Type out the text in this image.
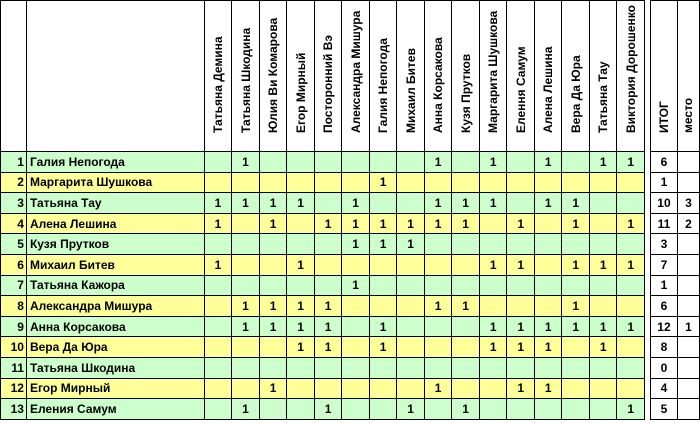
		Татьяна Демина	Татьяна Шкодина	Юлия Ви Комарова	Егор Мирный	Посторонний Вэ	Александра Мишура	Галия Непогода	Михаил Битев	Анна Корсакова	Кузя Прутков	Маргарита Шушкова	Елення Самум	Алена Лешина	Вера Да Юра	Татьяна Тау	Виктория Дорошенко		ИТОГ	место

1	Галия Непогода		1							1		1		1		1	1		6	
2	Маргарита Шушкова							1											1	
3	Татьяна Тау	1	1	1	1		1			1	1	1		1	1				10	3
4	Алена Лешина	1		1		1	1	1	1	1	1		1		1		1		11	2
5	Кузя Прутков						1	1	1										3	
6	Михаил Битев	1			1							1	1		1	1	1		7	
7	Татьяна Кажора						1												1	
8	Александра Мишура		1	1	1	1				1	1				1				6	
9	Анна Корсакова		1	1	1	1		1				1	1	1	1	1	1		12	1
10	Вера Да Юра				1	1		1				1	1	1		1			8	
11	Татьяна Шкодина																		0	
12	Егор Мирный			1						1			1	1					4	
13	Еления Самум		1			1			1		1						1		5	
